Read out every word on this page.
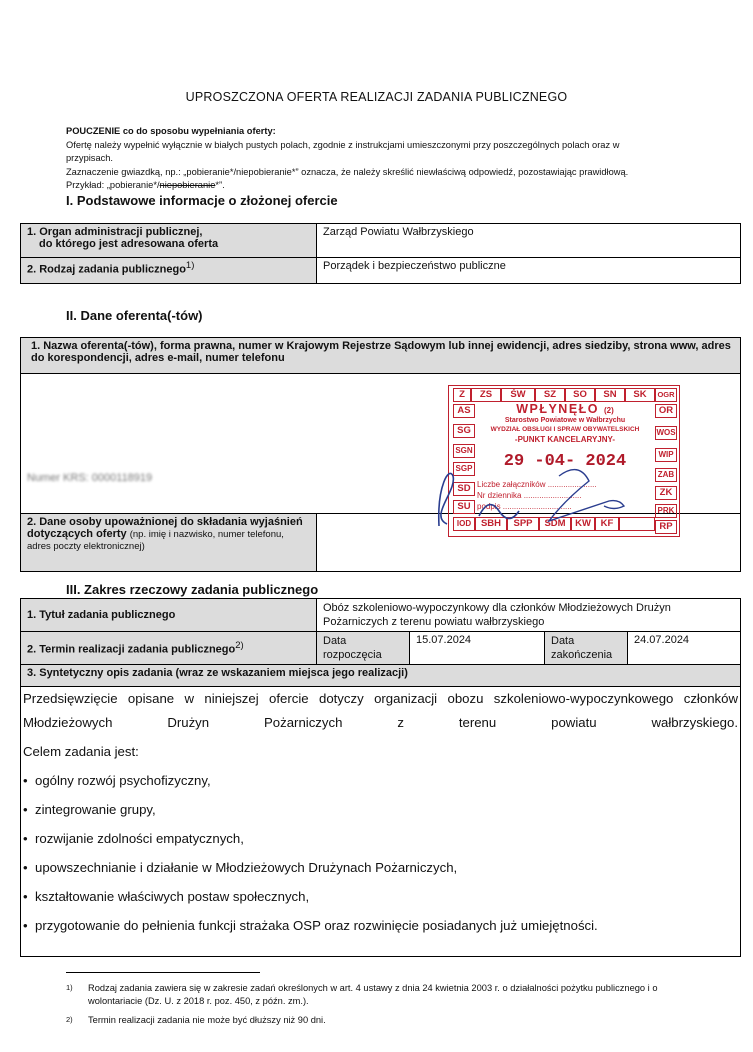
UPROSZCZONA OFERTA REALIZACJI ZADANIA PUBLICZNEGO
POUCZENIE co do sposobu wypełniania oferty:
Ofertę należy wypełnić wyłącznie w białych pustych polach, zgodnie z instrukcjami umieszczonymi przy poszczególnych polach oraz w przypisach.
Zaznaczenie gwiazdką, np.: „pobieranie*/niepobieranie*” oznacza, że należy skreślić niewłaściwą odpowiedź, pozostawiając prawidłową. Przykład: „pobieranie*/niepobieranie*”.
I. Podstawowe informacje o złożonej ofercie
1. Organ administracji publicznej,
do którego jest adresowana oferta	Zarząd Powiatu Wałbrzyskiego
2. Rodzaj zadania publicznego$^{1)}$	Porządek i bezpieczeństwo publiczne
II. Dane oferenta(-tów)
1. Nazwa oferenta(-tów), forma prawna, numer w Krajowym Rejestrze Sądowym lub innej ewidencji, adres siedziby, strona www, adres do korespondencji, adres e-mail, numer telefonu

Numer KRS: 0000118919

2. Dane osoby upoważnionej do składania wyjaśnień dotyczących oferty (np. imię i nazwisko, numer telefonu, adres poczty elektronicznej)	
Z	ZS	ŚW	SZ	SO	SN	SK	OGR
AS
SG
SGN
SGP
SD
SU
IOD
OR
WOS
WIP
ZAB
ZK
PRK
RP
WPŁYNĘŁO (2)
Starostwo Powiatowe w Wałbrzychu
WYDZIAŁ OBSŁUGI I SPRAW OBYWATELSKICH
-PUNKT KANCELARYJNY-
29 -04- 2024
Liczbe załączników ......................
Nr dziennika ..........................
podpis ...............................
SBH	SPP	SDM	KW	KF

III. Zakres rzeczowy zadania publicznego
1. Tytuł zadania publicznego	Obóz szkoleniowo-wypoczynkowy dla członków Młodzieżowych Drużyn Pożarniczych z terenu powiatu wałbrzyskiego			
2. Termin realizacji zadania publicznego$^{2)}$	Data rozpoczęcia	15.07.2024	Data zakończenia	24.07.2024
3. Syntetyczny opis zadania (wraz ze wskazaniem miejsca jego realizacji)				

Przedsięwzięcie opisane w niniejszej ofercie dotyczy organizacji obozu szkoleniowo-wypoczynkowego członków Młodzieżowych Drużyn Pożarniczych z terenu powiatu wałbrzyskiego.

Celem zadania jest:

• ogólny rozwój psychofizyczny,

• zintegrowanie grupy,

• rozwijanie zdolności empatycznych,

• upowszechnianie i działanie w Młodzieżowych Drużynach Pożarniczych,

• kształtowanie właściwych postaw społecznych,

• przygotowanie do pełnienia funkcji strażaka OSP oraz rozwinięcie posiadanych już umiejętności.

1) Rodzaj zadania zawiera się w zakresie zadań określonych w art. 4 ustawy z dnia 24 kwietnia 2003 r. o działalności pożytku publicznego i o wolontariacie (Dz. U. z 2018 r. poz. 450, z późn. zm.).
2) Termin realizacji zadania nie może być dłuższy niż 90 dni.
